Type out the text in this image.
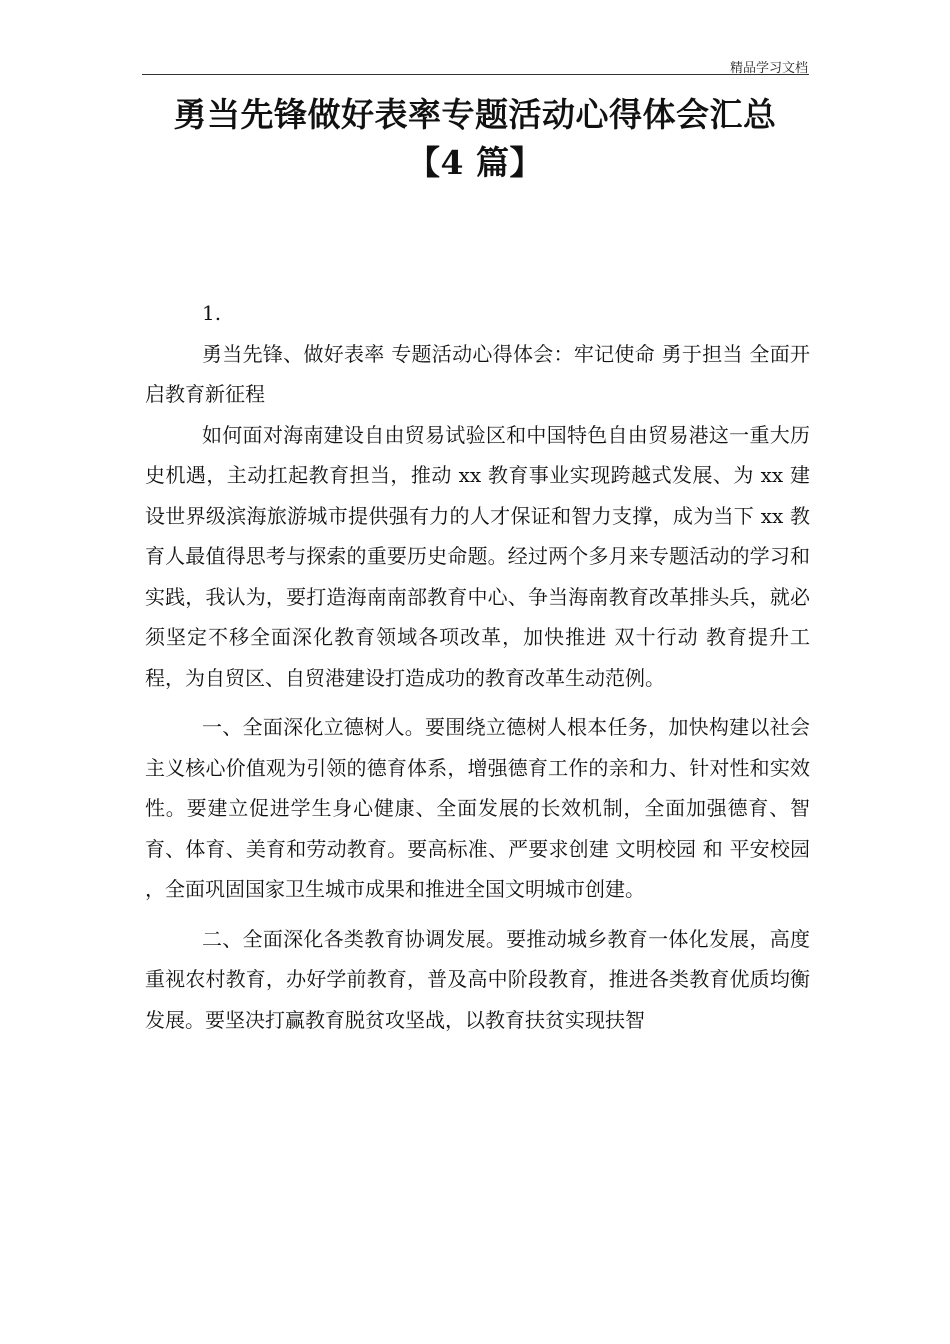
精品学习文档
勇当先锋做好表率专题活动心得体会汇总
【4 篇】

1.

勇当先锋、做好表率 专题活动心得体会：牢记使命 勇于担当 全面开启教育新征程

如何面对海南建设自由贸易试验区和中国特色自由贸易港这一重大历史机遇，主动扛起教育担当，推动 xx 教育事业实现跨越式发展、为 xx 建设世界级滨海旅游城市提供强有力的人才保证和智力支撑，成为当下 xx 教育人最值得思考与探索的重要历史命题。经过两个多月来专题活动的学习和实践，我认为，要打造海南南部教育中心、争当海南教育改革排头兵，就必须坚定不移全面深化教育领域各项改革，加快推进 双十行动 教育提升工程，为自贸区、自贸港建设打造成功的教育改革生动范例。

一、全面深化立德树人。要围绕立德树人根本任务，加快构建以社会主义核心价值观为引领的德育体系，增强德育工作的亲和力、针对性和实效性。要建立促进学生身心健康、全面发展的长效机制，全面加强德育、智育、体育、美育和劳动教育。要高标准、严要求创建 文明校园 和 平安校园 ，全面巩固国家卫生城市成果和推进全国文明城市创建。

二、全面深化各类教育协调发展。要推动城乡教育一体化发展，高度重视农村教育，办好学前教育，普及高中阶段教育，推进各类教育优质均衡发展。要坚决打赢教育脱贫攻坚战，以教育扶贫实现扶智
